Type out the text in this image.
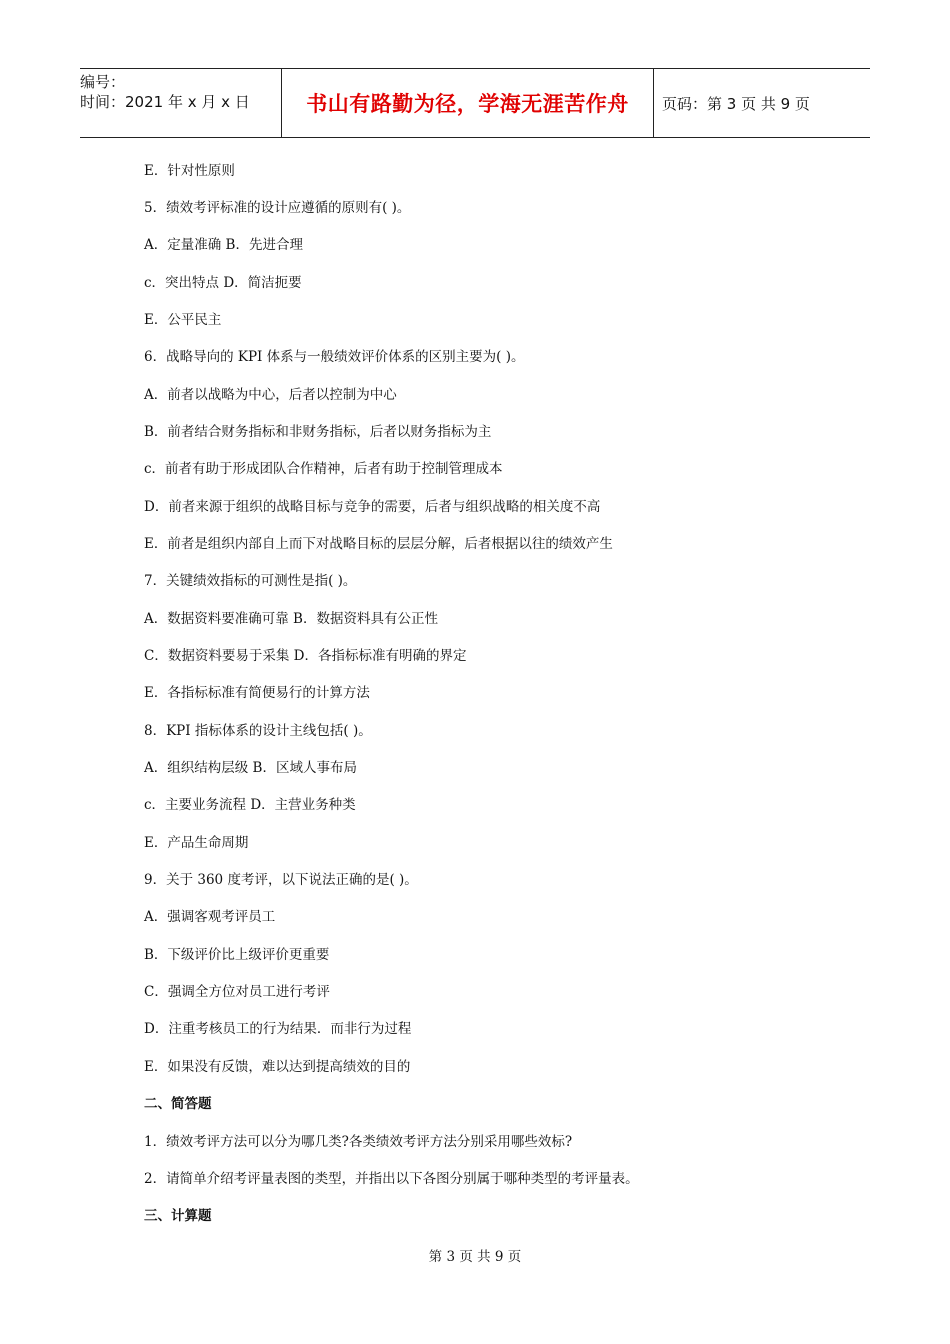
编号：
时间：2021 年 x 月 x 日	书山有路勤为径，学海无涯苦作舟 页码：第 3 页 共 9 页
E．针对性原则
5．绩效考评标准的设计应遵循的原则有( )。
A．定量准确 B．先进合理
c．突出特点 D．简洁扼要
E．公平民主
6．战略导向的 KPI 体系与一般绩效评价体系的区别主要为( )。
A．前者以战略为中心，后者以控制为中心
B．前者结合财务指标和非财务指标，后者以财务指标为主
c．前者有助于形成团队合作精神，后者有助于控制管理成本
D．前者来源于组织的战略目标与竞争的需要，后者与组织战略的相关度不高
E．前者是组织内部自上而下对战略目标的层层分解，后者根据以往的绩效产生
7．关键绩效指标的可测性是指( )。
A．数据资料要准确可靠 B．数据资料具有公正性
C．数据资料要易于采集 D．各指标标准有明确的界定
E．各指标标准有简便易行的计算方法
8．KPI 指标体系的设计主线包括( )。
A．组织结构层级 B．区域人事布局
c．主要业务流程 D．主营业务种类
E．产品生命周期
9．关于 360 度考评，以下说法正确的是( )。
A．强调客观考评员工
B．下级评价比上级评价更重要
C．强调全方位对员工进行考评
D．注重考核员工的行为结果．而非行为过程
E．如果没有反馈，难以达到提高绩效的目的
二、简答题
1．绩效考评方法可以分为哪几类?各类绩效考评方法分别采用哪些效标?
2．请简单介绍考评量表图的类型，并指出以下各图分别属于哪种类型的考评量表。
三、计算题
第 3 页 共 9 页
